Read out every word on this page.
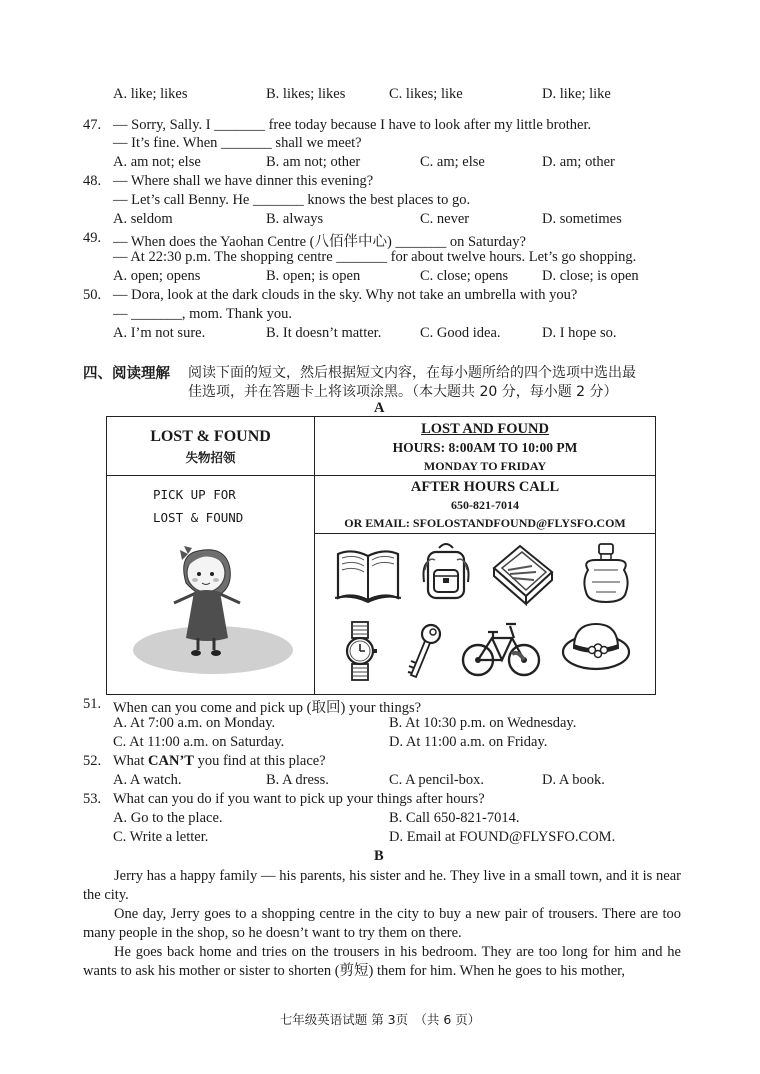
A. like; likes	B. likes; likes	C. likes; like	D. like; like
47. — Sorry, Sally. I _______ free today because I have to look after my little brother.
— It’s fine. When _______ shall we meet?
A. am not; else	B. am not; other	C. am; else	D. am; other
48. — Where shall we have dinner this evening?
— Let’s call Benny. He _______ knows the best places to go.
A. seldom	B. always	C. never	D. sometimes
49. — When does the Yaohan Centre (八佰伴中心) _______ on Saturday?
— At 22:30 p.m. The shopping centre _______ for about twelve hours. Let’s go shopping.
A. open; opens	B. open; is open	C. close; opens D. close; is open
50. — Dora, look at the dark clouds in the sky. Why not take an umbrella with you?
— _______, mom. Thank you.
A. I’m not sure.	B. It doesn’t matter.	C. Good idea.	D. I hope so.
四、阅读理解 阅读下面的短文，然后根据短文内容，在每小题所给的四个选项中选出最
佳选项，并在答题卡上将该项涂黑。（本大题共 20 分，每小题 2 分）
A
LOST & FOUND
失物招领
LOST AND FOUND
HOURS: 8:00AM TO 10:00 PM
MONDAY TO FRIDAY
AFTER HOURS CALL
650-821-7014
OR EMAIL: SFOLOSTANDFOUND@FLYSFO.COM
PICK UP FOR
LOST & FOUND
51. When can you come and pick up (取回) your things?
A. At 7:00 a.m. on Monday.	B. At 10:30 p.m. on Wednesday.
C. At 11:00 a.m. on Saturday.	D. At 11:00 a.m. on Friday.
52. What CAN’T you find at this place?
A. A watch.	B. A dress.	C. A pencil-box.	D. A book.
53. What can you do if you want to pick up your things after hours?
A. Go to the place.	B. Call 650-821-7014.
C. Write a letter.	D. Email at FOUND@FLYSFO.COM.
B
Jerry has a happy family — his parents, his sister and he. They live in a small town, and it is near the city.
One day, Jerry goes to a shopping centre in the city to buy a new pair of trousers. There are too many people in the shop, so he doesn’t want to try them on there.
He goes back home and tries on the trousers in his bedroom. They are too long for him and he wants to ask his mother or sister to shorten (剪短) them for him. When he goes to his mother,
七年级英语试题 第 3页　（共 6 页）
